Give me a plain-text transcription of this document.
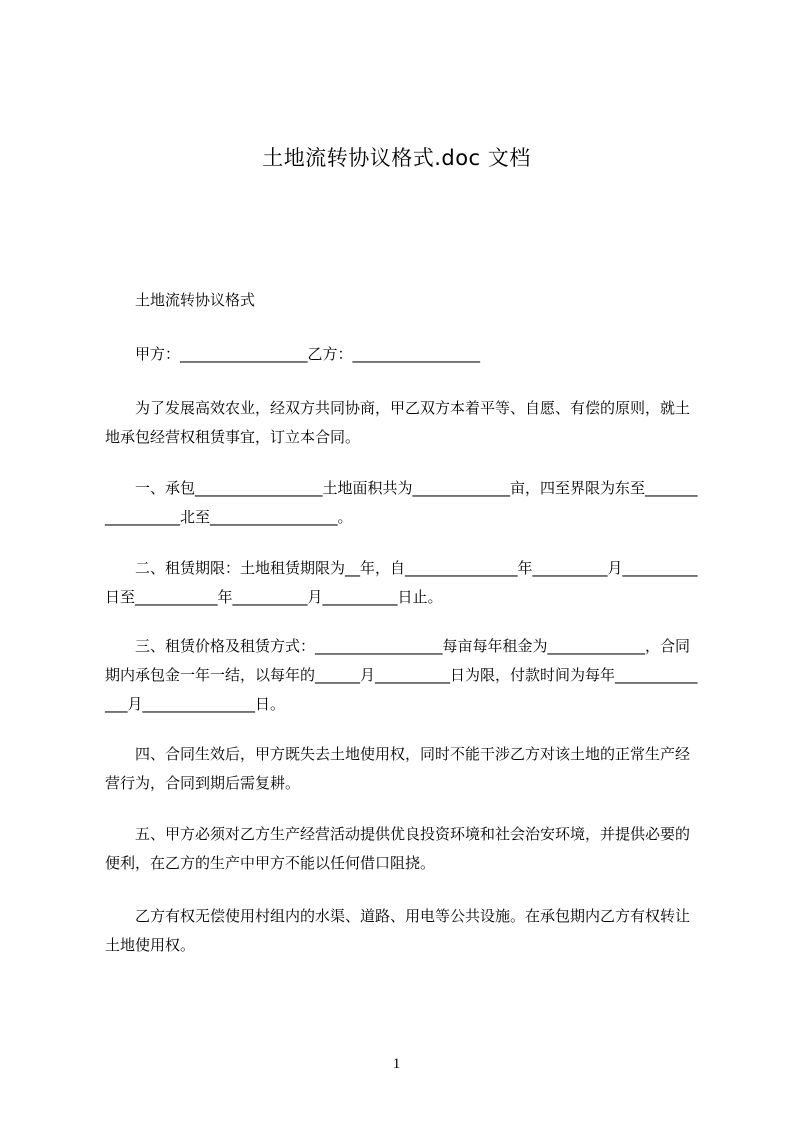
土地流转协议格式.doc 文档
　　土地流转协议格式
　　甲方：_________________乙方：_________________
　　为了发展高效农业，经双方共同协商，甲乙双方本着平等、自愿、有偿的原则，就土地承包经营权租赁事宜，订立本合同。
　　一、承包_________________土地面积共为_____________亩，四至界限为东至_________________北至_________________。
　　二、租赁期限：土地租赁期限为__年，自_______________年__________月__________日至___________年__________月__________日止。
　　三、租赁价格及租赁方式：_________________每亩每年租金为_____________，合同期内承包金一年一结，以每年的______月__________日为限，付款时间为每年______________月_______________日。
　　四、合同生效后，甲方既失去土地使用权，同时不能干涉乙方对该土地的正常生产经营行为，合同到期后需复耕。
　　五、甲方必须对乙方生产经营活动提供优良投资环境和社会治安环境，并提供必要的便利，在乙方的生产中甲方不能以任何借口阻挠。
　　乙方有权无偿使用村组内的水渠、道路、用电等公共设施。在承包期内乙方有权转让土地使用权。
1
